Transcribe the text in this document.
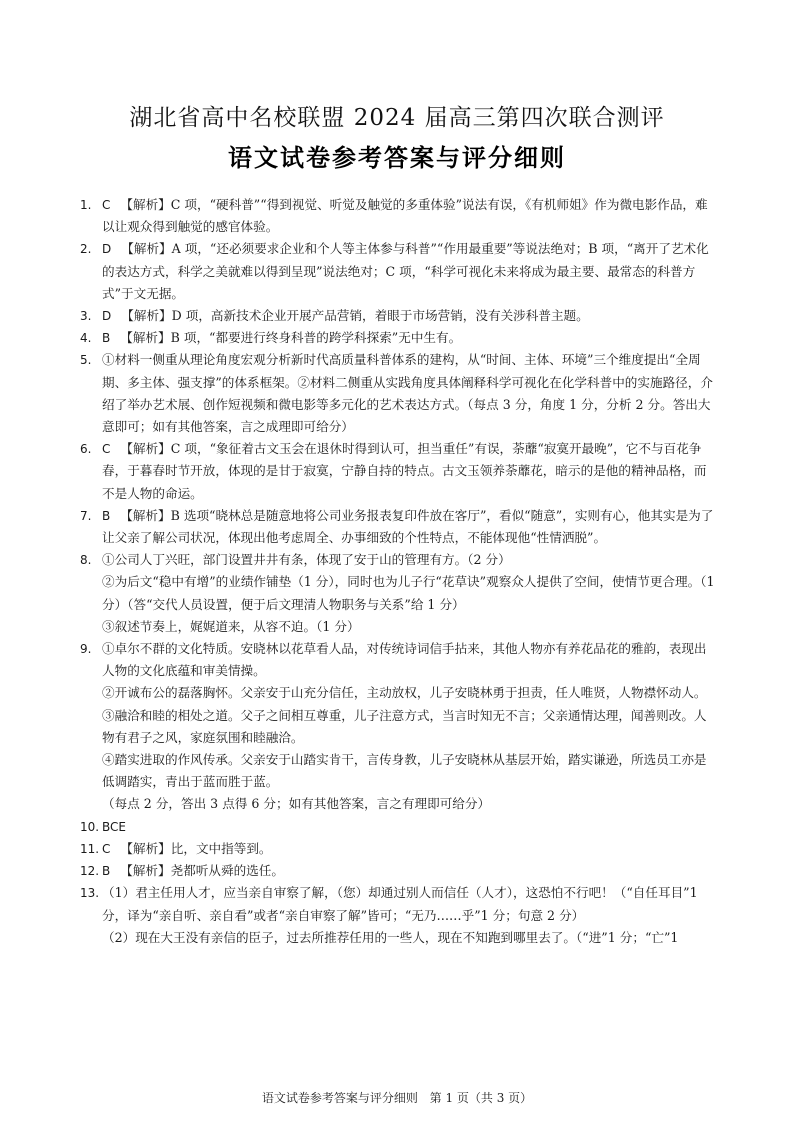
湖北省高中名校联盟 2024 届高三第四次联合测评
语文试卷参考答案与评分细则
1. C 【解析】C 项，“硬科普”“得到视觉、听觉及触觉的多重体验”说法有误，《有机师姐》作为微电影作品，难以让观众得到触觉的感官体验。

2. D 【解析】A 项，“还必须要求企业和个人等主体参与科普”“作用最重要”等说法绝对；B 项，“离开了艺术化的表达方式，科学之美就难以得到呈现”说法绝对；C 项，“科学可视化未来将成为最主要、最常态的科普方式”于文无据。

3. D 【解析】D 项，高新技术企业开展产品营销，着眼于市场营销，没有关涉科普主题。

4. B 【解析】B 项，“都要进行终身科普的跨学科探索”无中生有。

5. ①材料一侧重从理论角度宏观分析新时代高质量科普体系的建构，从“时间、主体、环境”三个维度提出“全周期、多主体、强支撑”的体系框架。②材料二侧重从实践角度具体阐释科学可视化在化学科普中的实施路径，介绍了举办艺术展、创作短视频和微电影等多元化的艺术表达方式。（每点 3 分，角度 1 分，分析 2 分。答出大意即可；如有其他答案，言之成理即可给分）

6. C 【解析】C 项，“象征着古文玉会在退休时得到认可，担当重任”有误，荼蘼“寂寞开最晚”，它不与百花争春，于暮春时节开放，体现的是甘于寂寞，宁静自持的特点。古文玉领养荼蘼花，暗示的是他的精神品格，而不是人物的命运。

7. B 【解析】B 选项“晓林总是随意地将公司业务报表复印件放在客厅”，看似“随意”，实则有心，他其实是为了让父亲了解公司状况，体现出他考虑周全、办事细致的个性特点，不能体现他“性情洒脱”。

8. ①公司人丁兴旺，部门设置井井有条，体现了安于山的管理有方。（2 分）

②为后文“稳中有增”的业绩作铺垫（1 分），同时也为儿子行“花草诀”观察众人提供了空间，使情节更合理。（1 分）（答“交代人员设置，便于后文理清人物职务与关系”给 1 分）

③叙述节奏上，娓娓道来，从容不迫。（1 分）

9. ①卓尔不群的文化特质。安晓林以花草看人品，对传统诗词信手拈来，其他人物亦有养花品花的雅韵，表现出人物的文化底蕴和审美情操。

②开诚布公的磊落胸怀。父亲安于山充分信任，主动放权，儿子安晓林勇于担责，任人唯贤，人物襟怀动人。

③融洽和睦的相处之道。父子之间相互尊重，儿子注意方式，当言时知无不言；父亲通情达理，闻善则改。人物有君子之风，家庭氛围和睦融洽。

④踏实进取的作风传承。父亲安于山踏实肯干，言传身教，儿子安晓林从基层开始，踏实谦逊，所选员工亦是低调踏实，青出于蓝而胜于蓝。

（每点 2 分，答出 3 点得 6 分；如有其他答案，言之有理即可给分）

10. BCE

11. C 【解析】比，文中指等到。

12. B 【解析】尧都听从舜的选任。

13. （1）君主任用人才，应当亲自审察了解，（您）却通过别人而信任（人才），这恐怕不行吧！（“自任耳目”1 分，译为“亲自听、亲自看”或者“亲自审察了解”皆可；“无乃……乎”1 分；句意 2 分）

（2）现在大王没有亲信的臣子，过去所推荐任用的一些人，现在不知跑到哪里去了。（“进”1 分；“亡”1

语文试卷参考答案与评分细则 第 1 页（共 3 页）
